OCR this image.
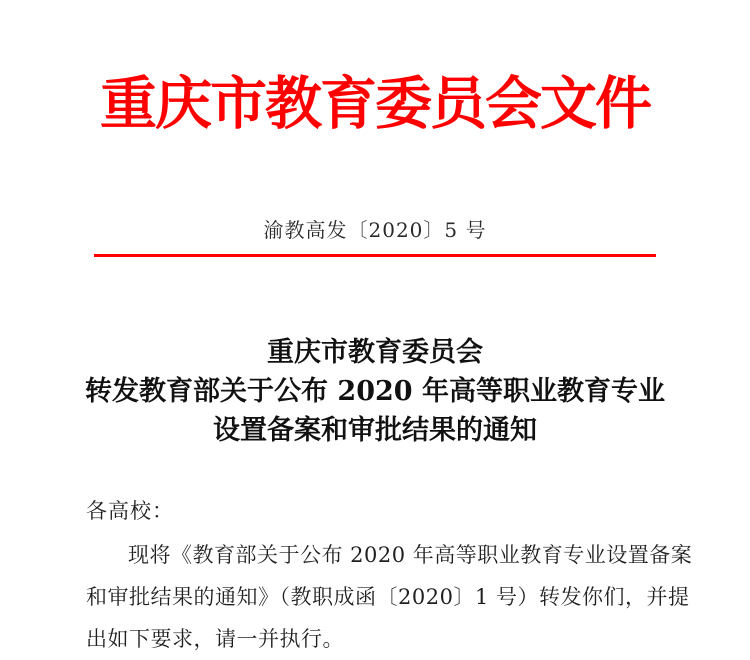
重庆市教育委员会文件
渝教高发〔2020〕5 号
重庆市教育委员会
转发教育部关于公布 2020 年高等职业教育专业
设置备案和审批结果的通知
各高校：
现将《教育部关于公布 2020 年高等职业教育专业设置备案
和审批结果的通知》（教职成函〔2020〕1 号）转发你们，并提
出如下要求，请一并执行。
